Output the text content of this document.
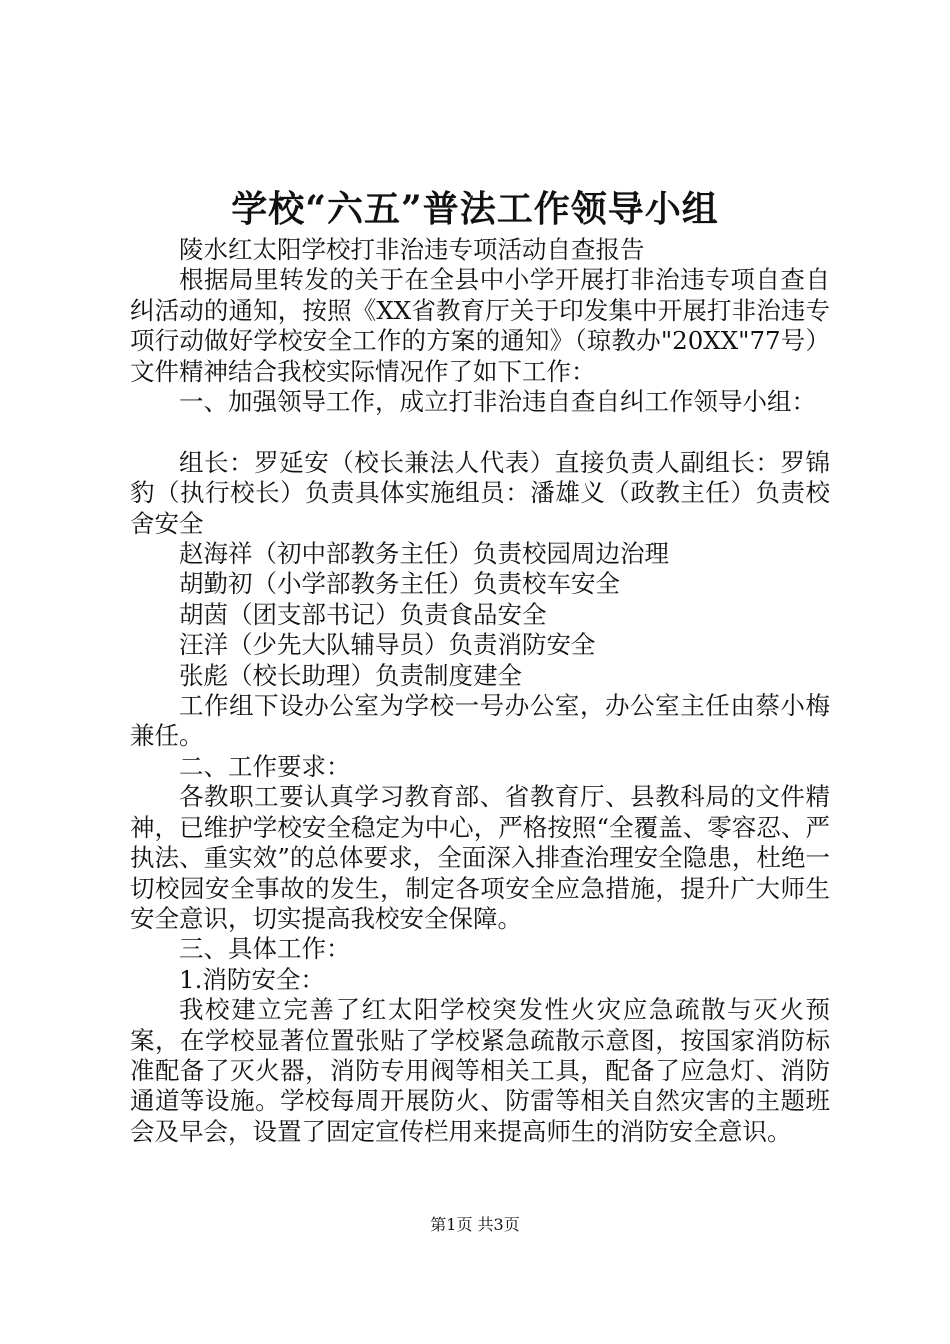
学校“六五”普法工作领导小组

陵水红太阳学校打非治违专项活动自查报告

根据局里转发的关于在全县中小学开展打非治违专项自查自纠活动的通知，按照《XX省教育厅关于印发集中开展打非治违专项行动做好学校安全工作的方案的通知》（琼教办"20XX"77号）文件精神结合我校实际情况作了如下工作：

一、加强领导工作，成立打非治违自查自纠工作领导小组：

组长：罗延安（校长兼法人代表）直接负责人副组长：罗锦豹（执行校长）负责具体实施组员：潘雄义（政教主任）负责校舍安全

赵海祥（初中部教务主任）负责校园周边治理

胡勤初（小学部教务主任）负责校车安全

胡茵（团支部书记）负责食品安全

汪洋（少先大队辅导员）负责消防安全

张彪（校长助理）负责制度建全

工作组下设办公室为学校一号办公室，办公室主任由蔡小梅兼任。

二、工作要求：

各教职工要认真学习教育部、省教育厅、县教科局的文件精神，已维护学校安全稳定为中心，严格按照“全覆盖、零容忍、严执法、重实效”的总体要求，全面深入排查治理安全隐患，杜绝一切校园安全事故的发生，制定各项安全应急措施，提升广大师生安全意识，切实提高我校安全保障。

三、具体工作：

1.消防安全：

我校建立完善了红太阳学校突发性火灾应急疏散与灭火预案，在学校显著位置张贴了学校紧急疏散示意图，按国家消防标准配备了灭火器，消防专用阀等相关工具，配备了应急灯、消防通道等设施。学校每周开展防火、防雷等相关自然灾害的主题班会及早会，设置了固定宣传栏用来提高师生的消防安全意识。

第1页 共3页
